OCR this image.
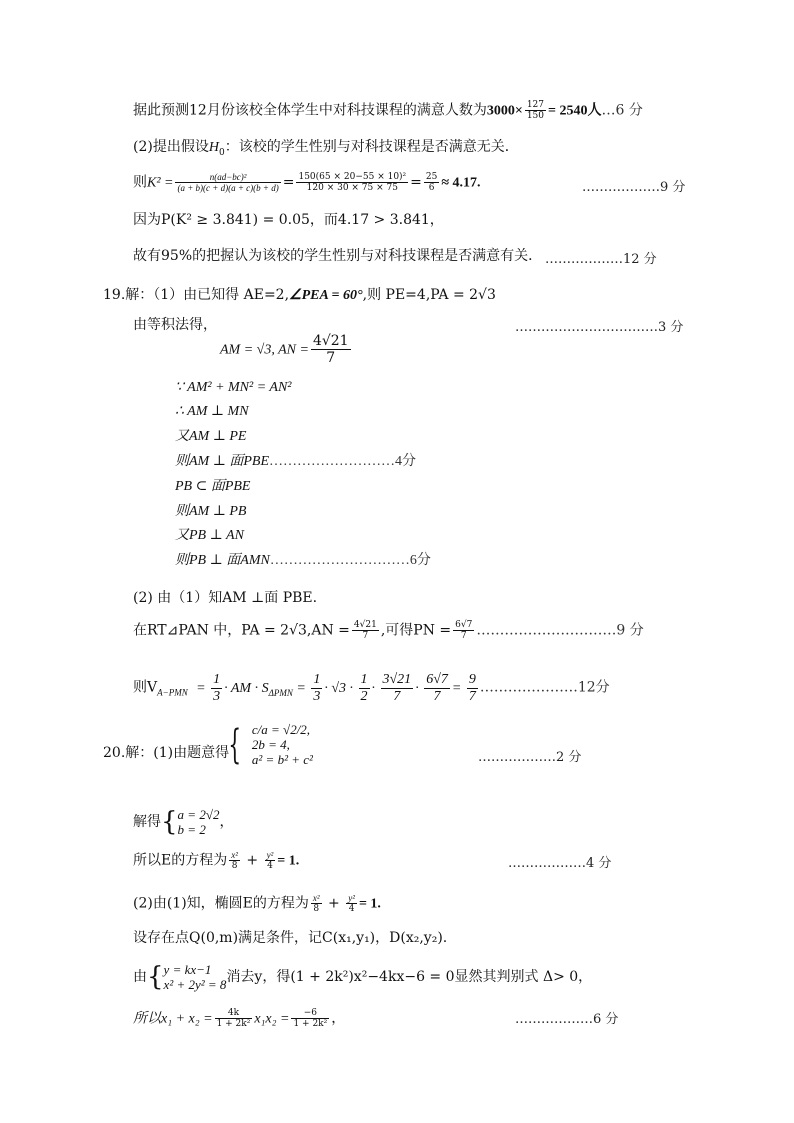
据此预测12月份该校全体学生中对科技课程的满意人数为$3000\times \frac{127}{150} = 2540$人…6 分
(2)提出假设$H_0$：该校的学生性别与对科技课程是否满意无关．
则$K^2 = \frac{\text{n(ad−bc)²}}{(a + b)(c + d)(a + c)(b + d)} = \frac{\text{150(65 × 20−55 × 10)²}}{120 \times 30 \times 75 \times 75} = \frac{25}{6} \approx 4.17$.	………………9 分
因为P(K² ≥ 3.841) = 0.05，而4.17 > 3.841，
故有95%的把握认为该校的学生性别与对科技课程是否满意有关． ………………12 分
19.解：（1）由已知得 AE=2,∠PEA = 60°,则 PE=4,PA = 2√3
由等积法得，
AM = √3, AN = $\frac{4√21}{7}$
……………………………3 分
∵ AM² + MN² = AN²
∴ AM ⊥ MN
又AM ⊥ PE
则AM ⊥ 面PBE………………………4分
PB ⊂ 面PBE
则AM ⊥ PB
又PB ⊥ AN
则PB ⊥ 面AMN…………………………6分
(2) 由（1）知AM ⊥面 PBE.
在RT⊿PAN 中，PA = $2√3,AN = \frac{4√21}{7}$ ,可得PN = $\frac{6√7}{7}$ …………………………9 分
则$V_{A-PMN} = \frac{1}{3}$ · AM · $S_{\Delta PMN} = \frac{1}{3} \cdot √3 \cdot \frac{1}{2} \cdot \frac{3√21}{7} \cdot \frac{6√7}{7} = \frac{9}{7}$ …………………12分
20.解：(1)由题意得 { c/a = √2/2,
2b = 4,
a² = b² + c²	………………2 分
解得{ a = 2√2
b = 2 ，
所以E的方程为 $\frac{\text{x²}}{8} + \frac{\text{y²}}{4} = 1$.	………………4 分
(2)由(1)知，椭圆E的方程为 $\frac{\text{x²}}{8} + \frac{\text{y²}}{4} = 1$.
设存在点Q(0,m)满足条件，记C(x₁,y₁)，D(x₂,y₂).
由{ y = kx−1
x² + 2y² = 8 消去y，得(1 + 2k²)x²−4kx−6 = 0显然其判别式 Δ> 0，
所以$x_1 + x_2 = \frac{4k}{\text{1 + 2k²}} x_1x_2 = \frac{-6}{\text{1 + 2k²}}$ ，	………………6 分
